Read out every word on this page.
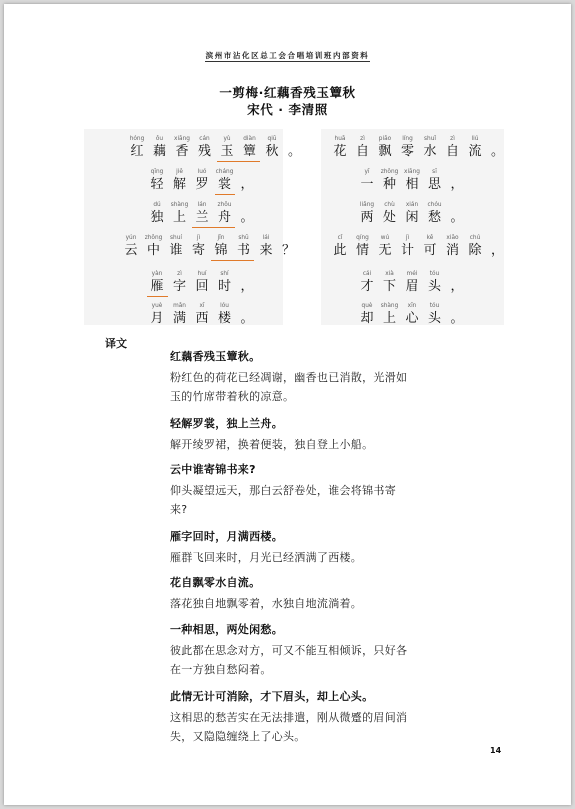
滨州市沾化区总工会合唱培训班内部资料
一剪梅·红藕香残玉簟秋
宋代 · 李清照
hóng
红
ǒu
藕
xiāng
香
cán
残
yù
玉
diàn
簟
qiū
秋 。
qīng
轻
jiě
解
luó
罗
cháng
裳 ，
dú
独
shàng
上
lán
兰
zhōu
舟 。
yún
云
zhōng
中
shuí
谁
jì
寄
jǐn
锦
shū
书
lái
来 ？
yàn
雁
zì
字
huí
回
shí
时 ，
yuè
月
mǎn
满
xī
西
lóu
楼 。
huā
花
zì
自
piāo
飘
líng
零
shuǐ
水
zì
自
liú
流 。
yī
一
zhǒng
种
xiāng
相
sī
思 ，
liǎng
两
chù
处
xián
闲
chóu
愁 。
cǐ
此
qíng
情
wú
无
jì
计
kě
可
xiāo
消
chú
除 ，
cái
才
xià
下
méi
眉
tóu
头 ，
què
却
shàng
上
xīn
心
tóu
头 。
译文
红藕香残玉簟秋。
粉红色的荷花已经凋谢，幽香也已消散，光滑如
玉的竹席带着秋的凉意。
轻解罗裳，独上兰舟。
解开绫罗裙，换着便装，独自登上小船。
云中谁寄锦书来?
仰头凝望远天，那白云舒卷处，谁会将锦书寄
来?
雁字回时，月满西楼。
雁群飞回来时，月光已经洒满了西楼。
花自飘零水自流。
落花独自地飘零着，水独自地流淌着。
一种相思，两处闲愁。
彼此都在思念对方，可又不能互相倾诉，只好各
在一方独自愁闷着。
此情无计可消除，才下眉头，却上心头。
这相思的愁苦实在无法排遣，刚从微蹙的眉间消
失，又隐隐缠绕上了心头。
14
